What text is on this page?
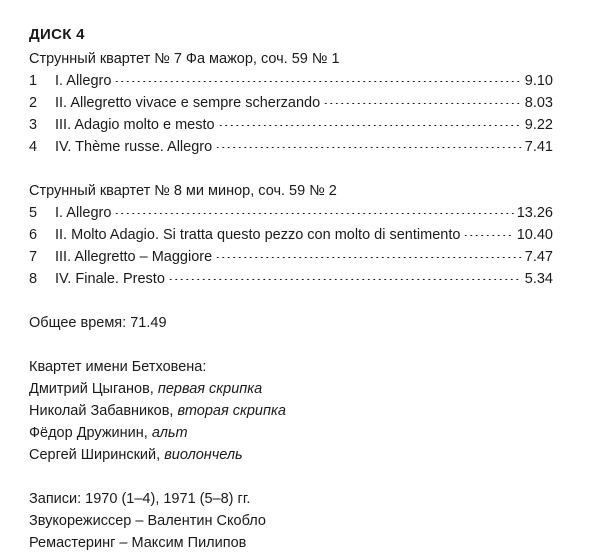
ДИСК 4
Струнный квартет № 7 Фа мажор, соч. 59 № 1
1	I. Allegro	9.10
2	II. Allegretto vivace e sempre scherzando	8.03
3	III. Adagio molto e mesto	9.22
4	IV. Thème russe. Allegro	7.41
Струнный квартет № 8 ми минор, соч. 59 № 2
5	I. Allegro	13.26
6	II. Molto Adagio. Si tratta questo pezzo con molto di sentimento	10.40
7	III. Allegretto – Maggiore	7.47
8	IV. Finale. Presto	5.34
Общее время: 71.49
Квартет имени Бетховена:
Дмитрий Цыганов, первая скрипка
Николай Забавников, вторая скрипка
Фёдор Дружинин, альт
Сергей Ширинский, виолончель
Записи: 1970 (1–4), 1971 (5–8) гг.
Звукорежиссер – Валентин Скобло
Ремастеринг – Максим Пилипов
